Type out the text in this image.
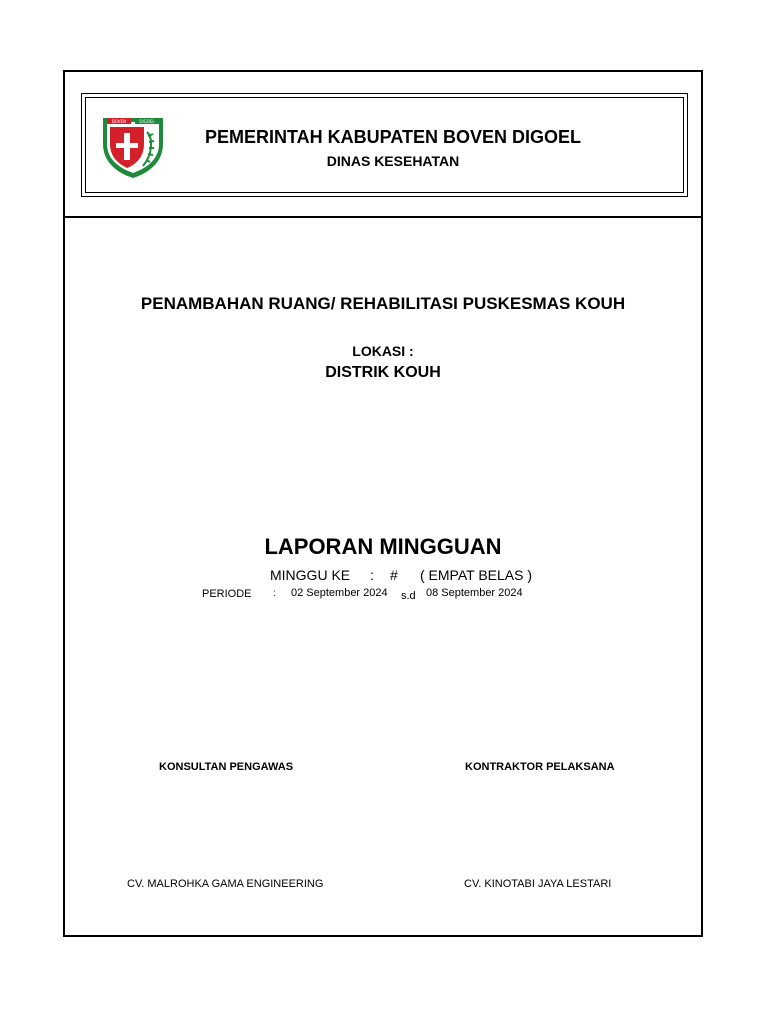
BOVEN	DIGOEL
PEMERINTAH KABUPATEN BOVEN DIGOEL
DINAS KESEHATAN
PENAMBAHAN RUANG/ REHABILITASI PUSKESMAS KOUH
LOKASI :
DISTRIK KOUH
LAPORAN MINGGUAN
MINGGU KE : # ( EMPAT BELAS )
PERIODE : 02 September 2024 s.d 08 September 2024
KONSULTAN PENGAWAS	KONTRAKTOR PELAKSANA
CV. MALROHKA GAMA ENGINEERING	CV. KINOTABI JAYA LESTARI
